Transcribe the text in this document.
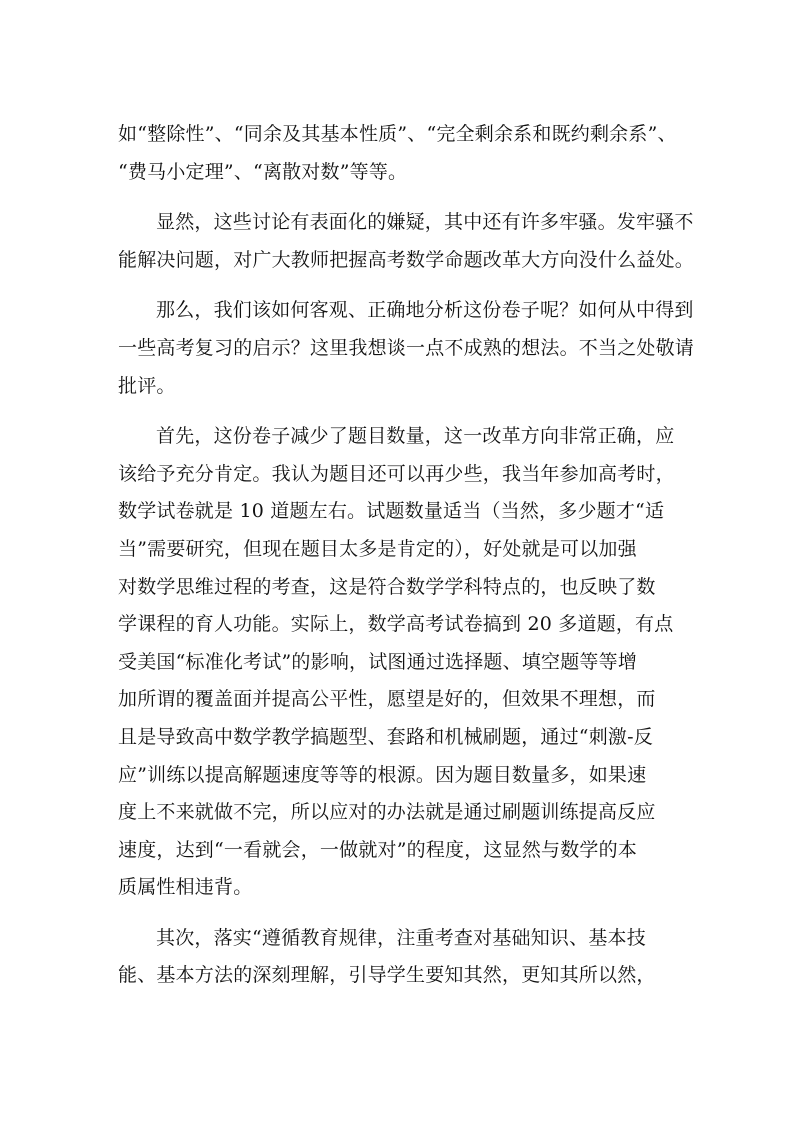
如“整除性”、“同余及其基本性质”、“完全剩余系和既约剩余系”、
“费马小定理”、“离散对数”等等。
显然，这些讨论有表面化的嫌疑，其中还有许多牢骚。发牢骚不
能解决问题，对广大教师把握高考数学命题改革大方向没什么益处。
那么，我们该如何客观、正确地分析这份卷子呢？如何从中得到
一些高考复习的启示？这里我想谈一点不成熟的想法。不当之处敬请
批评。
首先，这份卷子减少了题目数量，这一改革方向非常正确，应
该给予充分肯定。我认为题目还可以再少些，我当年参加高考时，
数学试卷就是 10 道题左右。试题数量适当（当然，多少题才“适
当”需要研究，但现在题目太多是肯定的），好处就是可以加强
对数学思维过程的考查，这是符合数学学科特点的，也反映了数
学课程的育人功能。实际上，数学高考试卷搞到 20 多道题，有点
受美国“标准化考试”的影响，试图通过选择题、填空题等等增
加所谓的覆盖面并提高公平性，愿望是好的，但效果不理想，而
且是导致高中数学教学搞题型、套路和机械刷题，通过“刺激-反
应”训练以提高解题速度等等的根源。因为题目数量多，如果速
度上不来就做不完，所以应对的办法就是通过刷题训练提高反应
速度，达到“一看就会，一做就对”的程度，这显然与数学的本
质属性相违背。
其次，落实“遵循教育规律，注重考查对基础知识、基本技
能、基本方法的深刻理解，引导学生要知其然，更知其所以然，
